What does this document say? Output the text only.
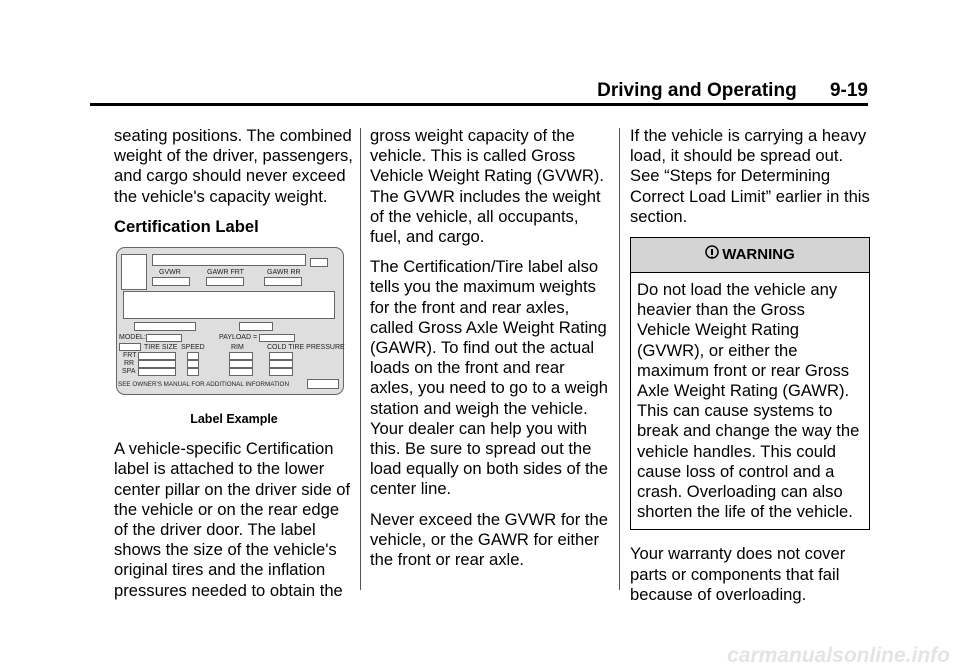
Driving and Operating 9-19

seating positions. The combined weight of the driver, passengers, and cargo should never exceed the vehicle's capacity weight.

Certification Label

GVWR	GAWR FRT	GAWR RR
MODEL:	PAYLOAD =
TIRE SIZE SPEED	RIM	COLD TIRE PRESSURE
FRT
RR
SPA
SEE OWNER'S MANUAL FOR ADDITIONAL INFORMATION

Label Example

A vehicle-specific Certification label is attached to the lower center pillar on the driver side of the vehicle or on the rear edge of the driver door. The label shows the size of the vehicle's original tires and the inflation pressures needed to obtain the

gross weight capacity of the vehicle. This is called Gross Vehicle Weight Rating (GVWR). The GVWR includes the weight of the vehicle, all occupants, fuel, and cargo.

The Certification/Tire label also tells you the maximum weights for the front and rear axles, called Gross Axle Weight Rating (GAWR). To find out the actual loads on the front and rear axles, you need to go to a weigh station and weigh the vehicle. Your dealer can help you with this. Be sure to spread out the load equally on both sides of the center line.

Never exceed the GVWR for the vehicle, or the GAWR for either the front or rear axle.

If the vehicle is carrying a heavy load, it should be spread out. See “Steps for Determining Correct Load Limit” earlier in this section.

WARNING
Do not load the vehicle any heavier than the Gross Vehicle Weight Rating (GVWR), or either the maximum front or rear Gross Axle Weight Rating (GAWR). This can cause systems to break and change the way the vehicle handles. This could cause loss of control and a crash. Overloading can also shorten the life of the vehicle.

Your warranty does not cover parts or components that fail because of overloading.

carmanualsonline.info
